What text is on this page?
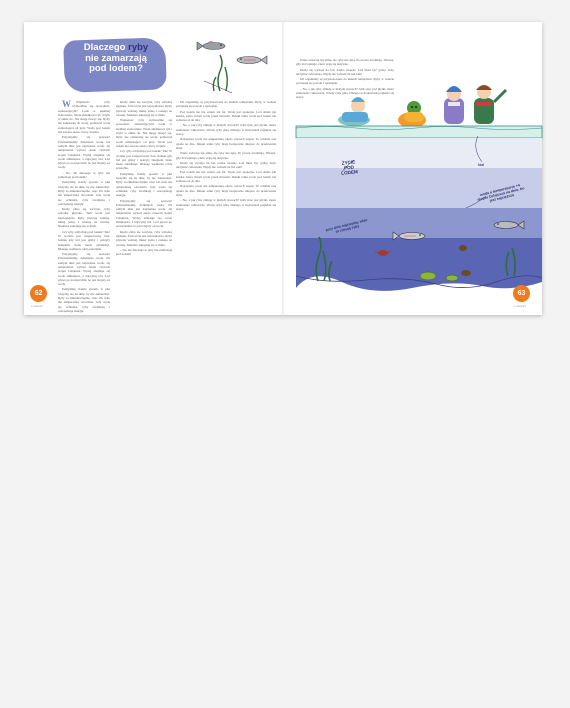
Dlaczego ryby
nie zamarzają
pod lodem?

W Większość ryby wybieralnie się spowolnić, zamarzającym? Lodu w ziemnej stanowisko. Woda składkowa ryb i bryłu w zimie do. Nie mogą ruszyć się. Ryby nie zamarzają do wody, ponieważ woda zamarzająca od góry. Woda pod lodem ma zawsze około cztery stopnie.

Przyjrzyjmy się sprawie! Przeanalizujmy dotknięcie wodą. Na samym dnie jest najcięższa woda. Jej temperatura wynosi około czterech stopni Celsjusza. Wyżej znajduje się woda zimniejsza, a najwyżej lód. Lód pływa po powierzchni, bo jest lżejszy od wody.

– No, ale dlaczego te ryby nie zamarzają pod lodem?

Pomyślmy. Każdy sposób, w jaki ruszymy się na dnie, by nie zamarznąć. Ryby są zmiennocieplne, więc ich ciało ma temperaturę otoczenia. Gdy woda się ochładza, ryby zwalniają i oszczędzają energię.

Kiedy zima się zaczyna, ryby schodzą głęboko. Tam woda jest najcieplejsza. Ryby pływają wolniej, mniej jedzą i czekają na wiosnę. Niektóre zakopują się w mule.

Czy ryby oddychają pod lodem? Tak! W wodzie jest rozpuszczony tlen. Jednak gdy lód jest gruby i pokryty śniegiem, tlenu może zabraknąć. Dlatego wędkarze robią przeręble.

Przyjrzyjmy się sprawie! Przeanalizujmy dotknięcie wodą. Na samym dnie jest najcięższa woda. Jej temperatura wynosi około czterech stopni Celsjusza. Wyżej znajduje się woda zimniejsza, a najwyżej lód. Lód pływa po powierzchni, bo jest lżejszy od wody.

Pomyślmy. Każdy sposób, w jaki ruszymy się na dnie, by nie zamarznąć. Ryby są zmiennocieplne, więc ich ciało ma temperaturę otoczenia. Gdy woda się ochładza, ryby zwalniają i oszczędzają energię.

Kiedy zima się zaczyna, ryby schodzą głęboko. Tam woda jest najcieplejsza. Ryby pływają wolniej, mniej jedzą i czekają na wiosnę. Niektóre zakopują się w mule.

Większość ryby wybieralnie się spowolnić, zamarzającym? Lodu w ziemnej stanowisko. Woda składkowa ryb i bryłu w zimie do. Nie mogą ruszyć się. Ryby nie zamarzają do wody, ponieważ woda zamarzająca od góry. Woda pod lodem ma zawsze około cztery stopnie.

Czy ryby oddychają pod lodem? Tak! W wodzie jest rozpuszczony tlen. Jednak gdy lód jest gruby i pokryty śniegiem, tlenu może zabraknąć. Dlatego wędkarze robią przeręble.

Pomyślmy. Każdy sposób, w jaki ruszymy się na dnie, by nie zamarznąć. Ryby są zmiennocieplne, więc ich ciało ma temperaturę otoczenia. Gdy woda się ochładza, ryby zwalniają i oszczędzają energię.

Przyjrzyjmy się sprawie! Przeanalizujmy dotknięcie wodą. Na samym dnie jest najcięższa woda. Jej temperatura wynosi około czterech stopni Celsjusza. Wyżej znajduje się woda zimniejsza, a najwyżej lód. Lód pływa po powierzchni, bo jest lżejszy od wody.

Kiedy zima się zaczyna, ryby schodzą głęboko. Tam woda jest najcieplejsza. Ryby pływają wolniej, mniej jedzą i czekają na wiosnę. Niektóre zakopują się w mule.

– No, ale dlaczego te ryby nie zamarzają pod lodem?

Ich organizmy są przystosowane do niskich temperatur. Ryby w wodzie poruszają się powoli i spokojnie.

Pod lodem nie ma wiatru ani fal. Woda jest spokojna. Lód działa jak kołdra, która chroni wodę przed mrozem. Dzięki temu woda pod lodem nie zamarza aż do dna.

– No, a jak ryby zimują w małych stawach? Jeśli staw jest płytki, może zamarznąć całkowicie. Wtedy ryby giną. Dlatego w hodowlach pogłębia się stawy.

Najcięższa woda ma temperaturę około czterech stopni. To właśnie ona opada na dno. Dzięki temu ryby mają bezpieczne miejsce do przetrwania zimy.

Wiele zwierząt śpi zimą, ale ryby nie śpią. Po prostu zwalniają. Wiosną, gdy lód topnieje, znów stają się aktywne.

Kiedy się wystaje na lód, trzeba uważać. Lód musi być gruby, żeby utrzymać człowieka. Nigdy nie wchodź na lód sam!

Pod lodem nie ma wiatru ani fal. Woda jest spokojna. Lód działa jak kołdra, która chroni wodę przed mrozem. Dzięki temu woda pod lodem nie zamarza aż do dna.

Najcięższa woda ma temperaturę około czterech stopni. To właśnie ona opada na dno. Dzięki temu ryby mają bezpieczne miejsce do przetrwania zimy.

– No, a jak ryby zimują w małych stawach? Jeśli staw jest płytki, może zamarznąć całkowicie. Wtedy ryby giną. Dlatego w hodowlach pogłębia się stawy.

Wiele zwierząt śpi zimą, ale ryby nie śpią. Po prostu zwalniają. Wiosną, gdy lód topnieje, znów stają się aktywne.

Kiedy się wystaje na lód, trzeba uważać. Lód musi być gruby, żeby utrzymać człowieka. Nigdy nie wchodź na lód sam!

Ich organizmy są przystosowane do niskich temperatur. Ryby w wodzie poruszają się powoli i spokojnie.

– No, a jak ryby zimują w małych stawach? Jeśli staw jest płytki, może zamarznąć całkowicie. Wtedy ryby giną. Dlatego w hodowlach pogłębia się stawy.

ŻYCIE POD LODEM
lód
woda o temperaturze +4 stopni Celsjusza na dnie, bo jest najcięższa
przy dnie najcieplej, więc tu zimują ryby
62
o ziemię?
63
o ziemię?
